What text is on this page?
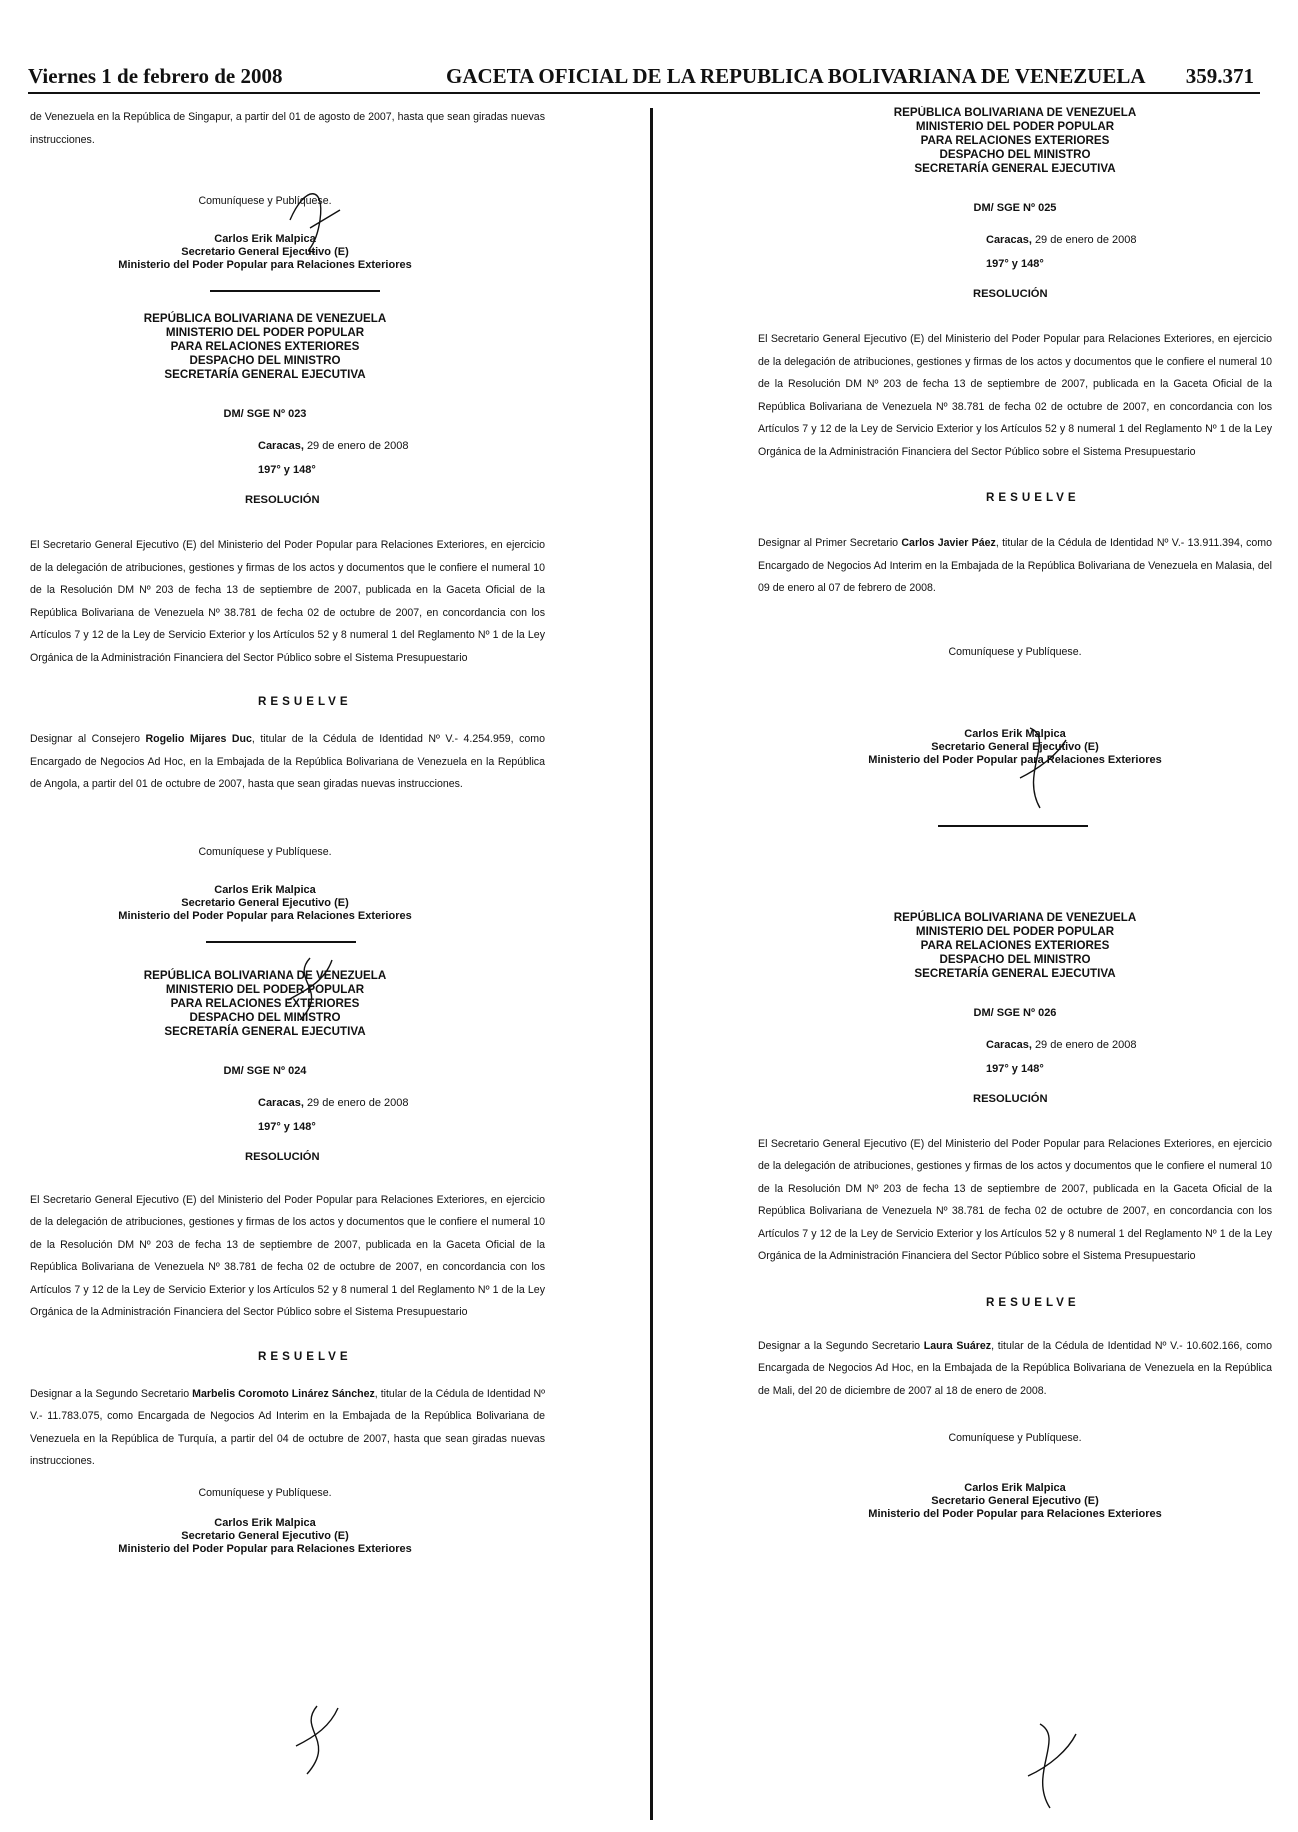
Viernes 1 de febrero de 2008	GACETA OFICIAL DE LA REPUBLICA BOLIVARIANA DE VENEZUELA 359.371

de Venezuela en la República de Singapur, a partir del 01 de agosto de 2007, hasta que sean giradas nuevas instrucciones.

Comuníquese y Publíquese.
Carlos Erik Malpica
Secretario General Ejecutivo (E)
Ministerio del Poder Popular para Relaciones Exteriores
REPÚBLICA BOLIVARIANA DE VENEZUELA
MINISTERIO DEL PODER POPULAR
PARA RELACIONES EXTERIORES
DESPACHO DEL MINISTRO
SECRETARÍA GENERAL EJECUTIVA

DM/ SGE Nº 023

Caracas, 29 de enero de 2008

197° y 148°

RESOLUCIÓN

El Secretario General Ejecutivo (E) del Ministerio del Poder Popular para Relaciones Exteriores, en ejercicio de la delegación de atribuciones, gestiones y firmas de los actos y documentos que le confiere el numeral 10 de la Resolución DM Nº 203 de fecha 13 de septiembre de 2007, publicada en la Gaceta Oficial de la República Bolivariana de Venezuela Nº 38.781 de fecha 02 de octubre de 2007, en concordancia con los Artículos 7 y 12 de la Ley de Servicio Exterior y los Artículos 52 y 8 numeral 1 del Reglamento Nº 1 de la Ley Orgánica de la Administración Financiera del Sector Público sobre el Sistema Presupuestario

RESUELVE

Designar al Consejero Rogelio Mijares Duc, titular de la Cédula de Identidad Nº V.- 4.254.959, como Encargado de Negocios Ad Hoc, en la Embajada de la República Bolivariana de Venezuela en la República de Angola, a partir del 01 de octubre de 2007, hasta que sean giradas nuevas instrucciones.

Comuníquese y Publíquese.
Carlos Erik Malpica
Secretario General Ejecutivo (E)
Ministerio del Poder Popular para Relaciones Exteriores
REPÚBLICA BOLIVARIANA DE VENEZUELA
MINISTERIO DEL PODER POPULAR
PARA RELACIONES EXTERIORES
DESPACHO DEL MINISTRO
SECRETARÍA GENERAL EJECUTIVA

DM/ SGE Nº 024

Caracas, 29 de enero de 2008

197° y 148°

RESOLUCIÓN

El Secretario General Ejecutivo (E) del Ministerio del Poder Popular para Relaciones Exteriores, en ejercicio de la delegación de atribuciones, gestiones y firmas de los actos y documentos que le confiere el numeral 10 de la Resolución DM Nº 203 de fecha 13 de septiembre de 2007, publicada en la Gaceta Oficial de la República Bolivariana de Venezuela Nº 38.781 de fecha 02 de octubre de 2007, en concordancia con los Artículos 7 y 12 de la Ley de Servicio Exterior y los Artículos 52 y 8 numeral 1 del Reglamento Nº 1 de la Ley Orgánica de la Administración Financiera del Sector Público sobre el Sistema Presupuestario

RESUELVE

Designar a la Segundo Secretario Marbelis Coromoto Linárez Sánchez, titular de la Cédula de Identidad Nº V.- 11.783.075, como Encargada de Negocios Ad Interim en la Embajada de la República Bolivariana de Venezuela en la República de Turquía, a partir del 04 de octubre de 2007, hasta que sean giradas nuevas instrucciones.

Comuníquese y Publíquese.
Carlos Erik Malpica
Secretario General Ejecutivo (E)
Ministerio del Poder Popular para Relaciones Exteriores
REPÚBLICA BOLIVARIANA DE VENEZUELA
MINISTERIO DEL PODER POPULAR
PARA RELACIONES EXTERIORES
DESPACHO DEL MINISTRO
SECRETARÍA GENERAL EJECUTIVA

DM/ SGE Nº 025

Caracas, 29 de enero de 2008

197° y 148°

RESOLUCIÓN

El Secretario General Ejecutivo (E) del Ministerio del Poder Popular para Relaciones Exteriores, en ejercicio de la delegación de atribuciones, gestiones y firmas de los actos y documentos que le confiere el numeral 10 de la Resolución DM Nº 203 de fecha 13 de septiembre de 2007, publicada en la Gaceta Oficial de la República Bolivariana de Venezuela Nº 38.781 de fecha 02 de octubre de 2007, en concordancia con los Artículos 7 y 12 de la Ley de Servicio Exterior y los Artículos 52 y 8 numeral 1 del Reglamento Nº 1 de la Ley Orgánica de la Administración Financiera del Sector Público sobre el Sistema Presupuestario

RESUELVE

Designar al Primer Secretario Carlos Javier Páez, titular de la Cédula de Identidad Nº V.- 13.911.394, como Encargado de Negocios Ad Interim en la Embajada de la República Bolivariana de Venezuela en Malasia, del 09 de enero al 07 de febrero de 2008.

Comuníquese y Publíquese.
Carlos Erik Malpica
Secretario General Ejecutivo (E)
Ministerio del Poder Popular para Relaciones Exteriores
REPÚBLICA BOLIVARIANA DE VENEZUELA
MINISTERIO DEL PODER POPULAR
PARA RELACIONES EXTERIORES
DESPACHO DEL MINISTRO
SECRETARÍA GENERAL EJECUTIVA

DM/ SGE Nº 026

Caracas, 29 de enero de 2008

197° y 148°

RESOLUCIÓN

El Secretario General Ejecutivo (E) del Ministerio del Poder Popular para Relaciones Exteriores, en ejercicio de la delegación de atribuciones, gestiones y firmas de los actos y documentos que le confiere el numeral 10 de la Resolución DM Nº 203 de fecha 13 de septiembre de 2007, publicada en la Gaceta Oficial de la República Bolivariana de Venezuela Nº 38.781 de fecha 02 de octubre de 2007, en concordancia con los Artículos 7 y 12 de la Ley de Servicio Exterior y los Artículos 52 y 8 numeral 1 del Reglamento Nº 1 de la Ley Orgánica de la Administración Financiera del Sector Público sobre el Sistema Presupuestario

RESUELVE

Designar a la Segundo Secretario Laura Suárez, titular de la Cédula de Identidad Nº V.- 10.602.166, como Encargada de Negocios Ad Hoc, en la Embajada de la República Bolivariana de Venezuela en la República de Mali, del 20 de diciembre de 2007 al 18 de enero de 2008.

Comuníquese y Publíquese.
Carlos Erik Malpica
Secretario General Ejecutivo (E)
Ministerio del Poder Popular para Relaciones Exteriores
